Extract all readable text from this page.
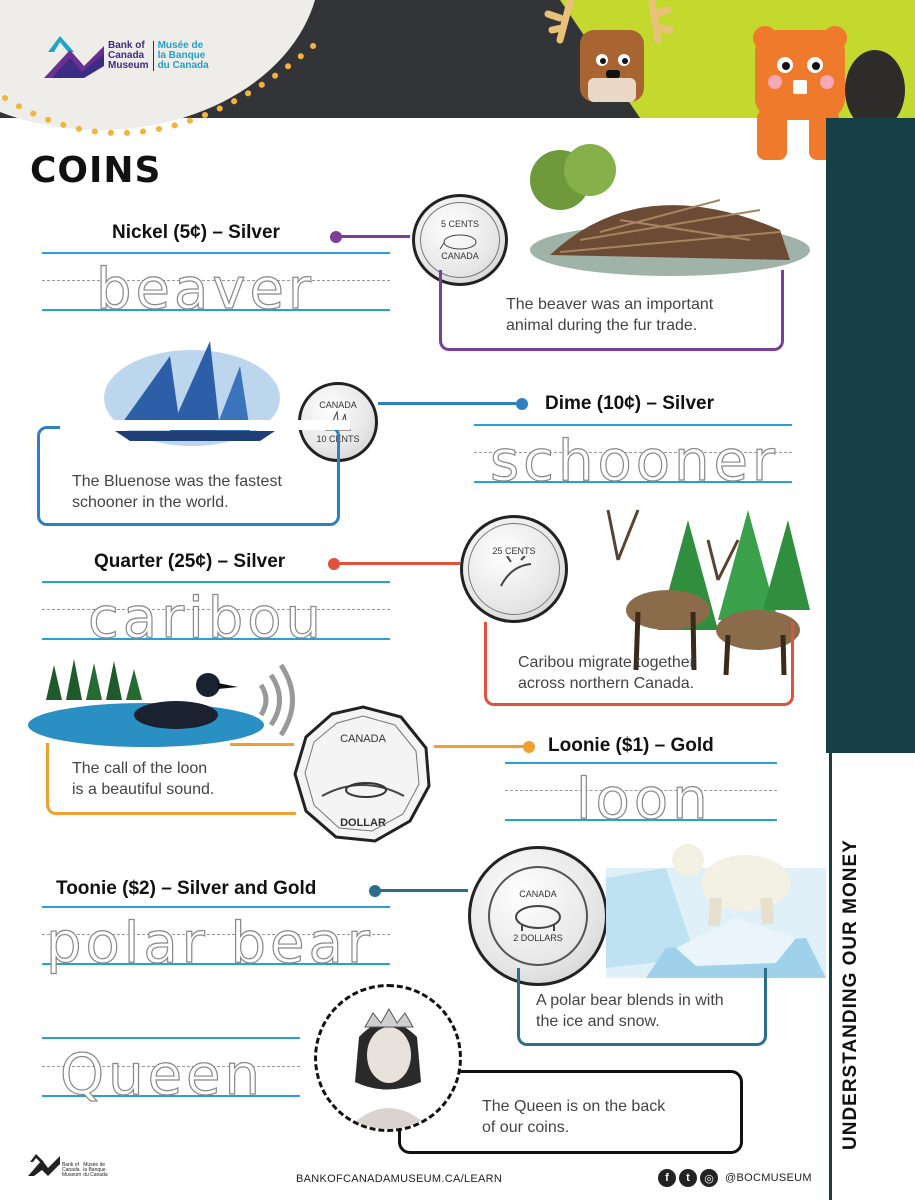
Bank of
Canada
Museum
Musée de
la Banque
du Canada
UNDERSTANDING OUR MONEY
COINS
Nickel (5¢) – Silver
beaver
5 CENTS
CANADA
The beaver was an important
animal during the fur trade.
CANADA
10 CENTS
Dime (10¢) – Silver
schooner
The Bluenose was the fastest
schooner in the world.
Quarter (25¢) – Silver
caribou
25 CENTS
Caribou migrate together
across northern Canada.
CANADA
DOLLAR
Loonie ($1) – Gold
loon
The call of the loon
is a beautiful sound.
Toonie ($2) – Silver and Gold
polar bear
CANADA
2 DOLLARS
A polar bear blends in with
the ice and snow.
Queen	The Queen is on the back
of our coins.
Bank of
Canada
Museum
Musée de
la Banque
du Canada	BANKOFCANADAMUSEUM.CA/LEARN	f	t	◎	@BOCMUSEUM
